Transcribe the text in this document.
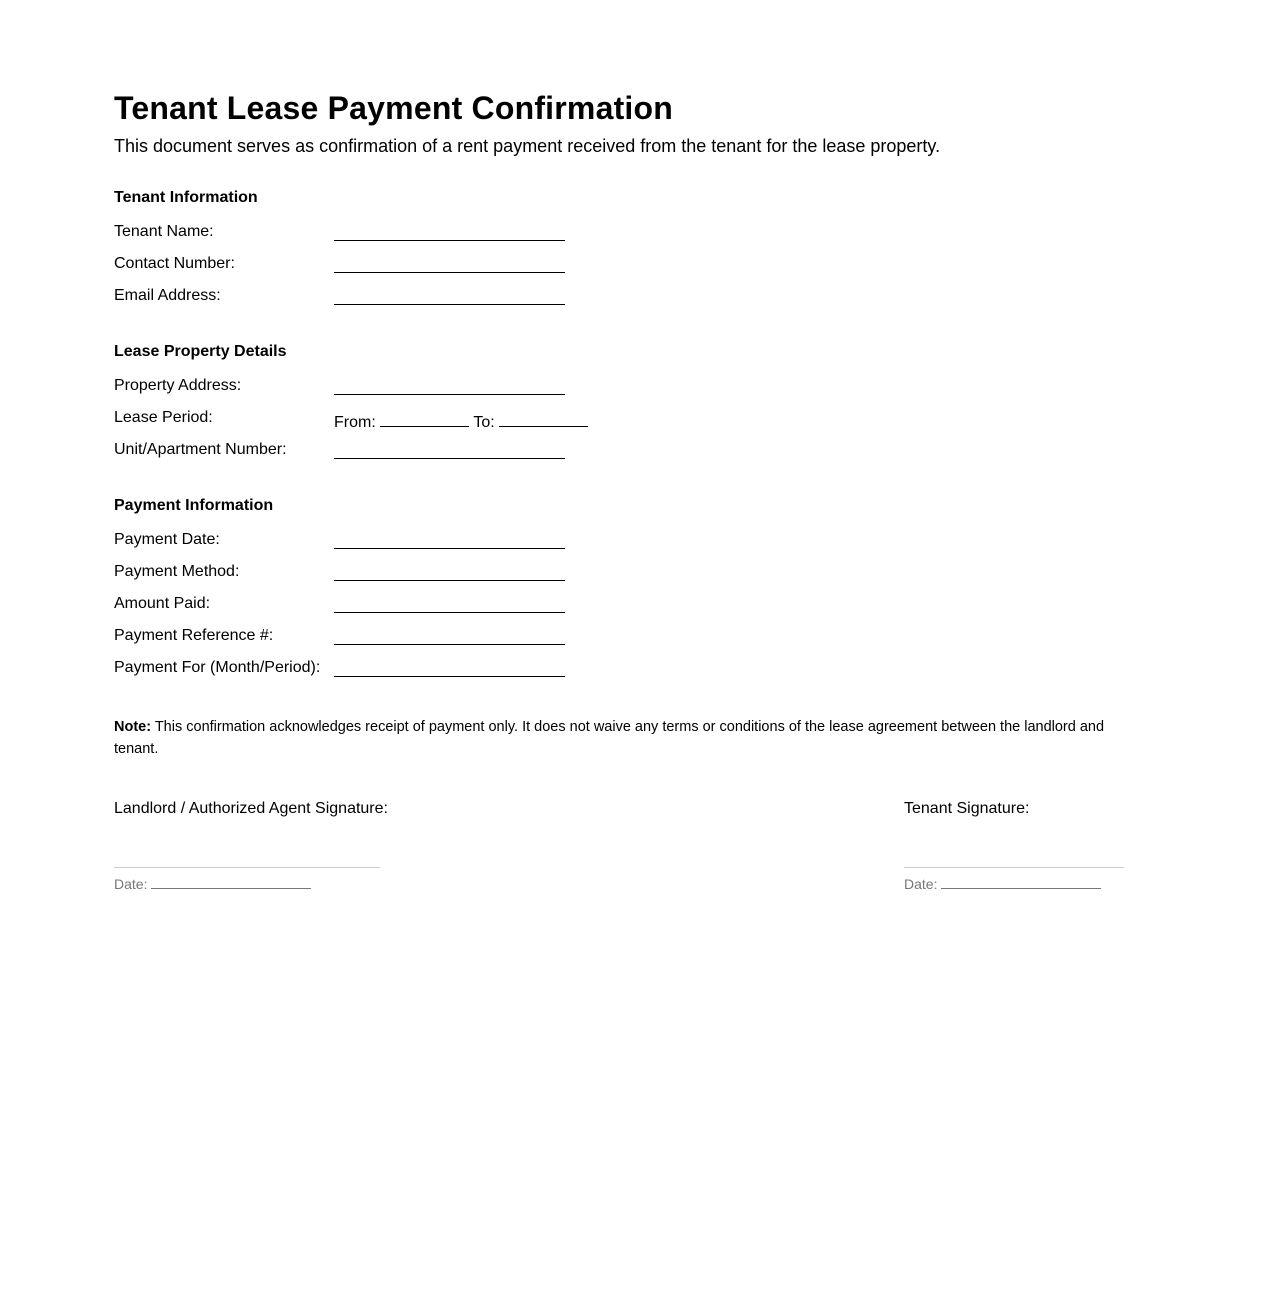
Tenant Lease Payment Confirmation

This document serves as confirmation of a rent payment received from the tenant for the lease property.

Tenant Information
Tenant Name:
Contact Number:
Email Address:
Lease Property Details
Property Address:
Lease Period:	From:	To:
Unit/Apartment Number:
Payment Information
Payment Date:
Payment Method:
Amount Paid:
Payment Reference #:
Payment For (Month/Period):

Note: This confirmation acknowledges receipt of payment only. It does not waive any terms or conditions of the lease agreement between the landlord and tenant.

Landlord / Authorized Agent Signature:
Date:
Tenant Signature:
Date:
